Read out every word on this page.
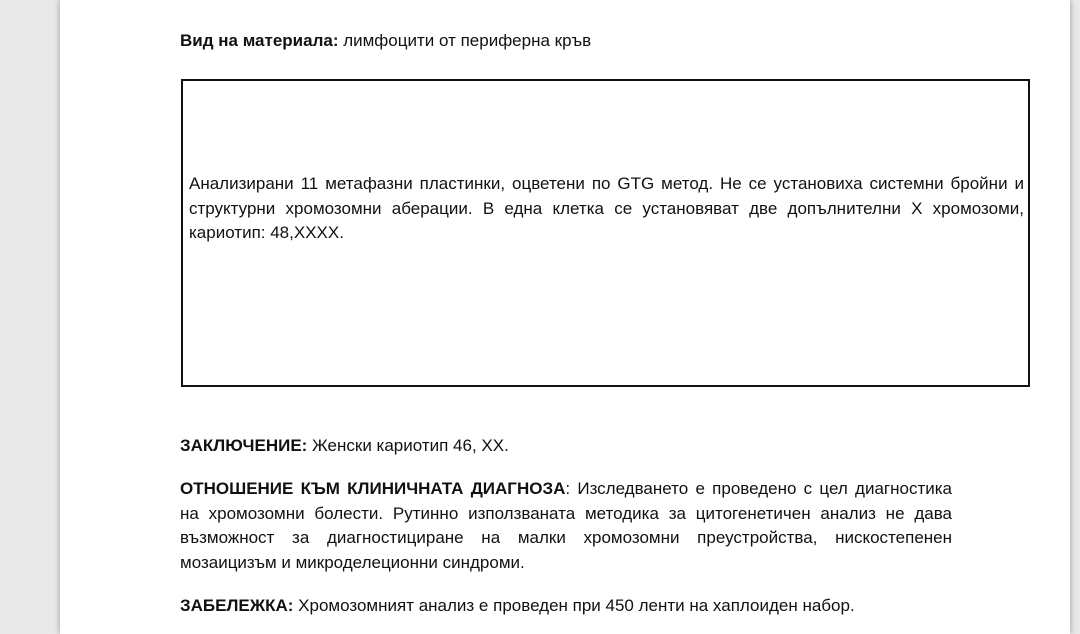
Вид на материала: лимфоцити от периферна кръв
Анализирани 11 метафазни пластинки, оцветени по GTG метод. Не се установиха системни бройни и структурни хромозомни аберации. В една клетка се установяват две допълнителни Х хромозоми, кариотип: 48,ХХХХ.
ЗАКЛЮЧЕНИЕ: Женски кариотип 46, ХХ.
ОТНОШЕНИЕ КЪМ КЛИНИЧНАТА ДИАГНОЗА: Изследването е проведено с цел диагностика на хромозомни болести. Рутинно използваната методика за цитогенетичен анализ не дава възможност за диагностициране на малки хромозомни преустройства, нискостепенен мозаицизъм и микроделеционни синдроми.
ЗАБЕЛЕЖКА: Хромозомният анализ е проведен при 450 ленти на хаплоиден набор.
